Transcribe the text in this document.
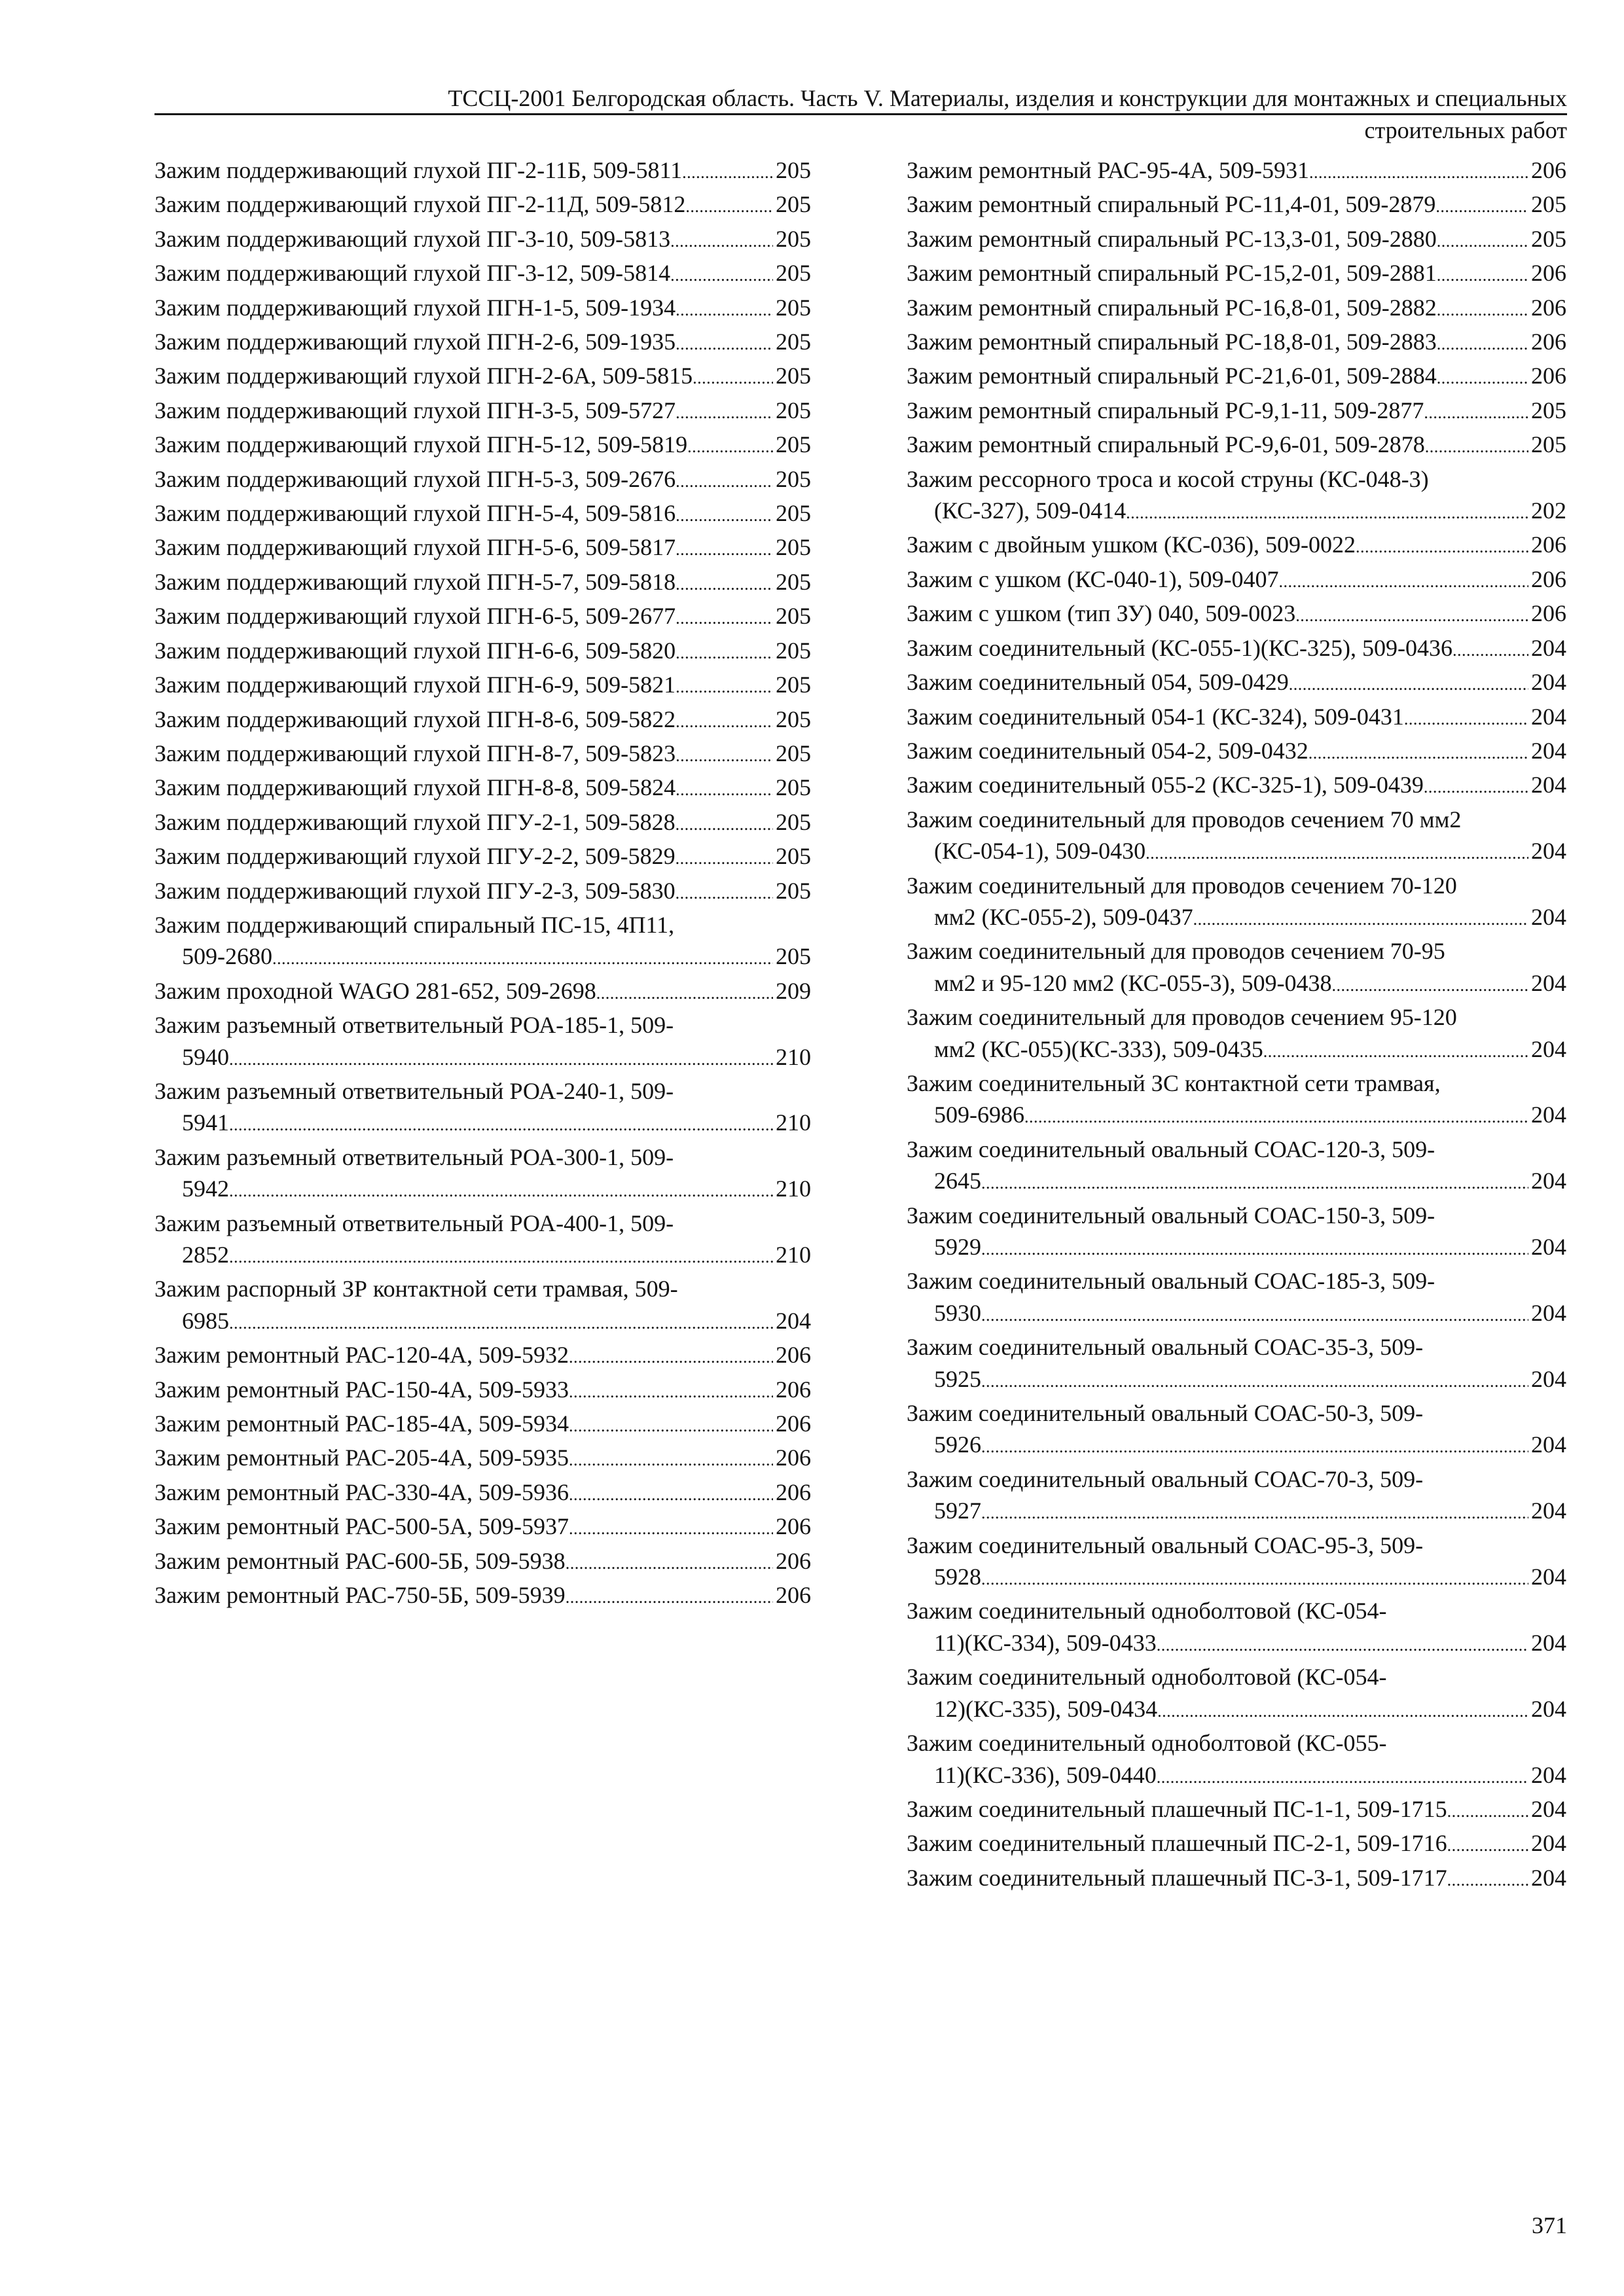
ТССЦ-2001 Белгородская область. Часть V. Материалы, изделия и конструкции для монтажных и специальных
строительных работ
Зажим поддерживающий глухой ПГ-2-11Б, 509-5811 . . .	205
Зажим поддерживающий глухой ПГ-2-11Д, 509-5812 . . .	205
Зажим поддерживающий глухой ПГ-3-10, 509-5813 . . .	205
Зажим поддерживающий глухой ПГ-3-12, 509-5814 . . .	205
Зажим поддерживающий глухой ПГН-1-5, 509-1934 . . .	205
Зажим поддерживающий глухой ПГН-2-6, 509-1935 . . .	205
Зажим поддерживающий глухой ПГН-2-6А, 509-5815 . . .	205
Зажим поддерживающий глухой ПГН-3-5, 509-5727 . . .	205
Зажим поддерживающий глухой ПГН-5-12, 509-5819 . . .	205
Зажим поддерживающий глухой ПГН-5-3, 509-2676 . . .	205
Зажим поддерживающий глухой ПГН-5-4, 509-5816 . . .	205
Зажим поддерживающий глухой ПГН-5-6, 509-5817 . . .	205
Зажим поддерживающий глухой ПГН-5-7, 509-5818 . . .	205
Зажим поддерживающий глухой ПГН-6-5, 509-2677 . . .	205
Зажим поддерживающий глухой ПГН-6-6, 509-5820 . . .	205
Зажим поддерживающий глухой ПГН-6-9, 509-5821 . . .	205
Зажим поддерживающий глухой ПГН-8-6, 509-5822 . . .	205
Зажим поддерживающий глухой ПГН-8-7, 509-5823 . . .	205
Зажим поддерживающий глухой ПГН-8-8, 509-5824 . . .	205
Зажим поддерживающий глухой ПГУ-2-1, 509-5828 . . .	205
Зажим поддерживающий глухой ПГУ-2-2, 509-5829 . . .	205
Зажим поддерживающий глухой ПГУ-2-3, 509-5830 . . .	205
Зажим поддерживающий спиральный ПС-15, 4П11,
509-2680 . . .	205
Зажим проходной WAGO 281-652, 509-2698 . . .	209
Зажим разъемный ответвительный РОА-185-1, 509-
5940 . . .	210
Зажим разъемный ответвительный РОА-240-1, 509-
5941 . . .	210
Зажим разъемный ответвительный РОА-300-1, 509-
5942 . . .	210
Зажим разъемный ответвительный РОА-400-1, 509-
2852 . . .	210
Зажим распорный ЗР контактной сети трамвая, 509-
6985 . . .	204
Зажим ремонтный РАС-120-4А, 509-5932 . . .	206
Зажим ремонтный РАС-150-4А, 509-5933 . . .	206
Зажим ремонтный РАС-185-4А, 509-5934 . . .	206
Зажим ремонтный РАС-205-4А, 509-5935 . . .	206
Зажим ремонтный РАС-330-4А, 509-5936 . . .	206
Зажим ремонтный РАС-500-5А, 509-5937 . . .	206
Зажим ремонтный РАС-600-5Б, 509-5938 . . .	206
Зажим ремонтный РАС-750-5Б, 509-5939 . . .	206
Зажим ремонтный РАС-95-4А, 509-5931 . . .	206
Зажим ремонтный спиральный РС-11,4-01, 509-2879 . . .	205
Зажим ремонтный спиральный РС-13,3-01, 509-2880 . . .	205
Зажим ремонтный спиральный РС-15,2-01, 509-2881 . . .	206
Зажим ремонтный спиральный РС-16,8-01, 509-2882 . . .	206
Зажим ремонтный спиральный РС-18,8-01, 509-2883 . . .	206
Зажим ремонтный спиральный РС-21,6-01, 509-2884 . . .	206
Зажим ремонтный спиральный РС-9,1-11, 509-2877 . . .	205
Зажим ремонтный спиральный РС-9,6-01, 509-2878 . . .	205
Зажим рессорного троса и косой струны (КС-048-3)
(КС-327), 509-0414 . . .	202
Зажим с двойным ушком (КС-036), 509-0022 . . .	206
Зажим с ушком (КС-040-1), 509-0407 . . .	206
Зажим с ушком (тип ЗУ) 040, 509-0023 . . .	206
Зажим соединительный (КС-055-1)(КС-325), 509-0436 . . .	204
Зажим соединительный 054, 509-0429 . . .	204
Зажим соединительный 054-1 (КС-324), 509-0431 . . .	204
Зажим соединительный 054-2, 509-0432 . . .	204
Зажим соединительный 055-2 (КС-325-1), 509-0439 . . .	204
Зажим соединительный для проводов сечением 70 мм2
(КС-054-1), 509-0430 . . .	204
Зажим соединительный для проводов сечением 70-120
мм2 (КС-055-2), 509-0437 . . .	204
Зажим соединительный для проводов сечением 70-95
мм2 и 95-120 мм2 (КС-055-3), 509-0438 . . .	204
Зажим соединительный для проводов сечением 95-120
мм2 (КС-055)(КС-333), 509-0435 . . .	204
Зажим соединительный ЗС контактной сети трамвая,
509-6986 . . .	204
Зажим соединительный овальный СОАС-120-3, 509-
2645 . . .	204
Зажим соединительный овальный СОАС-150-3, 509-
5929 . . .	204
Зажим соединительный овальный СОАС-185-3, 509-
5930 . . .	204
Зажим соединительный овальный СОАС-35-3, 509-
5925 . . .	204
Зажим соединительный овальный СОАС-50-3, 509-
5926 . . .	204
Зажим соединительный овальный СОАС-70-3, 509-
5927 . . .	204
Зажим соединительный овальный СОАС-95-3, 509-
5928 . . .	204
Зажим соединительный одноболтовой (КС-054-
11)(КС-334), 509-0433 . . .	204
Зажим соединительный одноболтовой (КС-054-
12)(КС-335), 509-0434 . . .	204
Зажим соединительный одноболтовой (КС-055-
11)(КС-336), 509-0440 . . .	204
Зажим соединительный плашечный ПС-1-1, 509-1715 . . .	204
Зажим соединительный плашечный ПС-2-1, 509-1716 . . .	204
Зажим соединительный плашечный ПС-3-1, 509-1717 . . .	204
371
